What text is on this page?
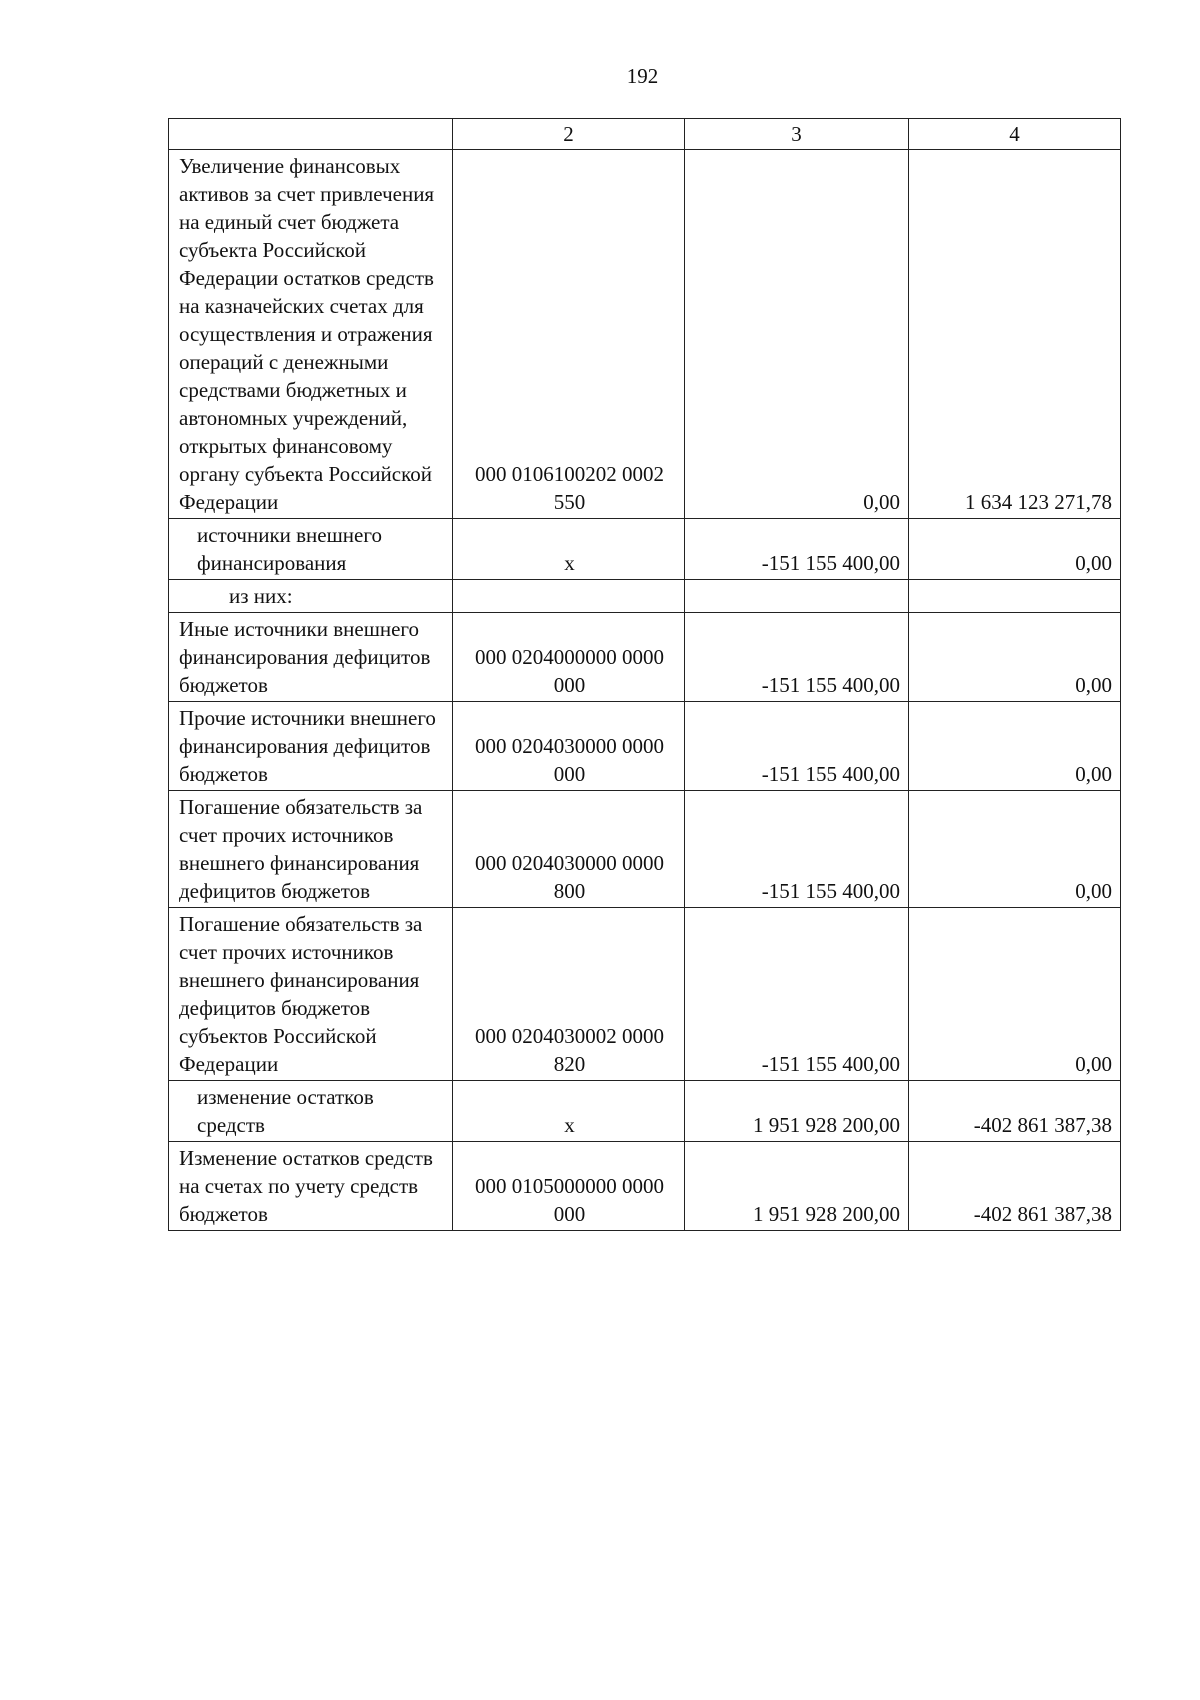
192
	2	3	4
Увеличение финансовых активов за счет привлечения на единый счет бюджета субъекта Российской Федерации остатков средств на казначейских счетах для осуществления и отражения операций с денежными средствами бюджетных и автономных учреждений, открытых финансовому органу субъекта Российской Федерации	000 0106100202 0002 550	0,00	1 634 123 271,78
источники внешнего финансирования	x	-151 155 400,00	0,00
из них:			
Иные источники внешнего финансирования дефицитов бюджетов	000 0204000000 0000 000	-151 155 400,00	0,00
Прочие источники внешнего финансирования дефицитов бюджетов	000 0204030000 0000 000	-151 155 400,00	0,00
Погашение обязательств за счет прочих источников внешнего финансирования дефицитов бюджетов	000 0204030000 0000 800	-151 155 400,00	0,00
Погашение обязательств за счет прочих источников внешнего финансирования дефицитов бюджетов субъектов Российской Федерации	000 0204030002 0000 820	-151 155 400,00	0,00
изменение остатков средств	x	1 951 928 200,00	-402 861 387,38
Изменение остатков средств на счетах по учету средств бюджетов	000 0105000000 0000 000	1 951 928 200,00	-402 861 387,38
